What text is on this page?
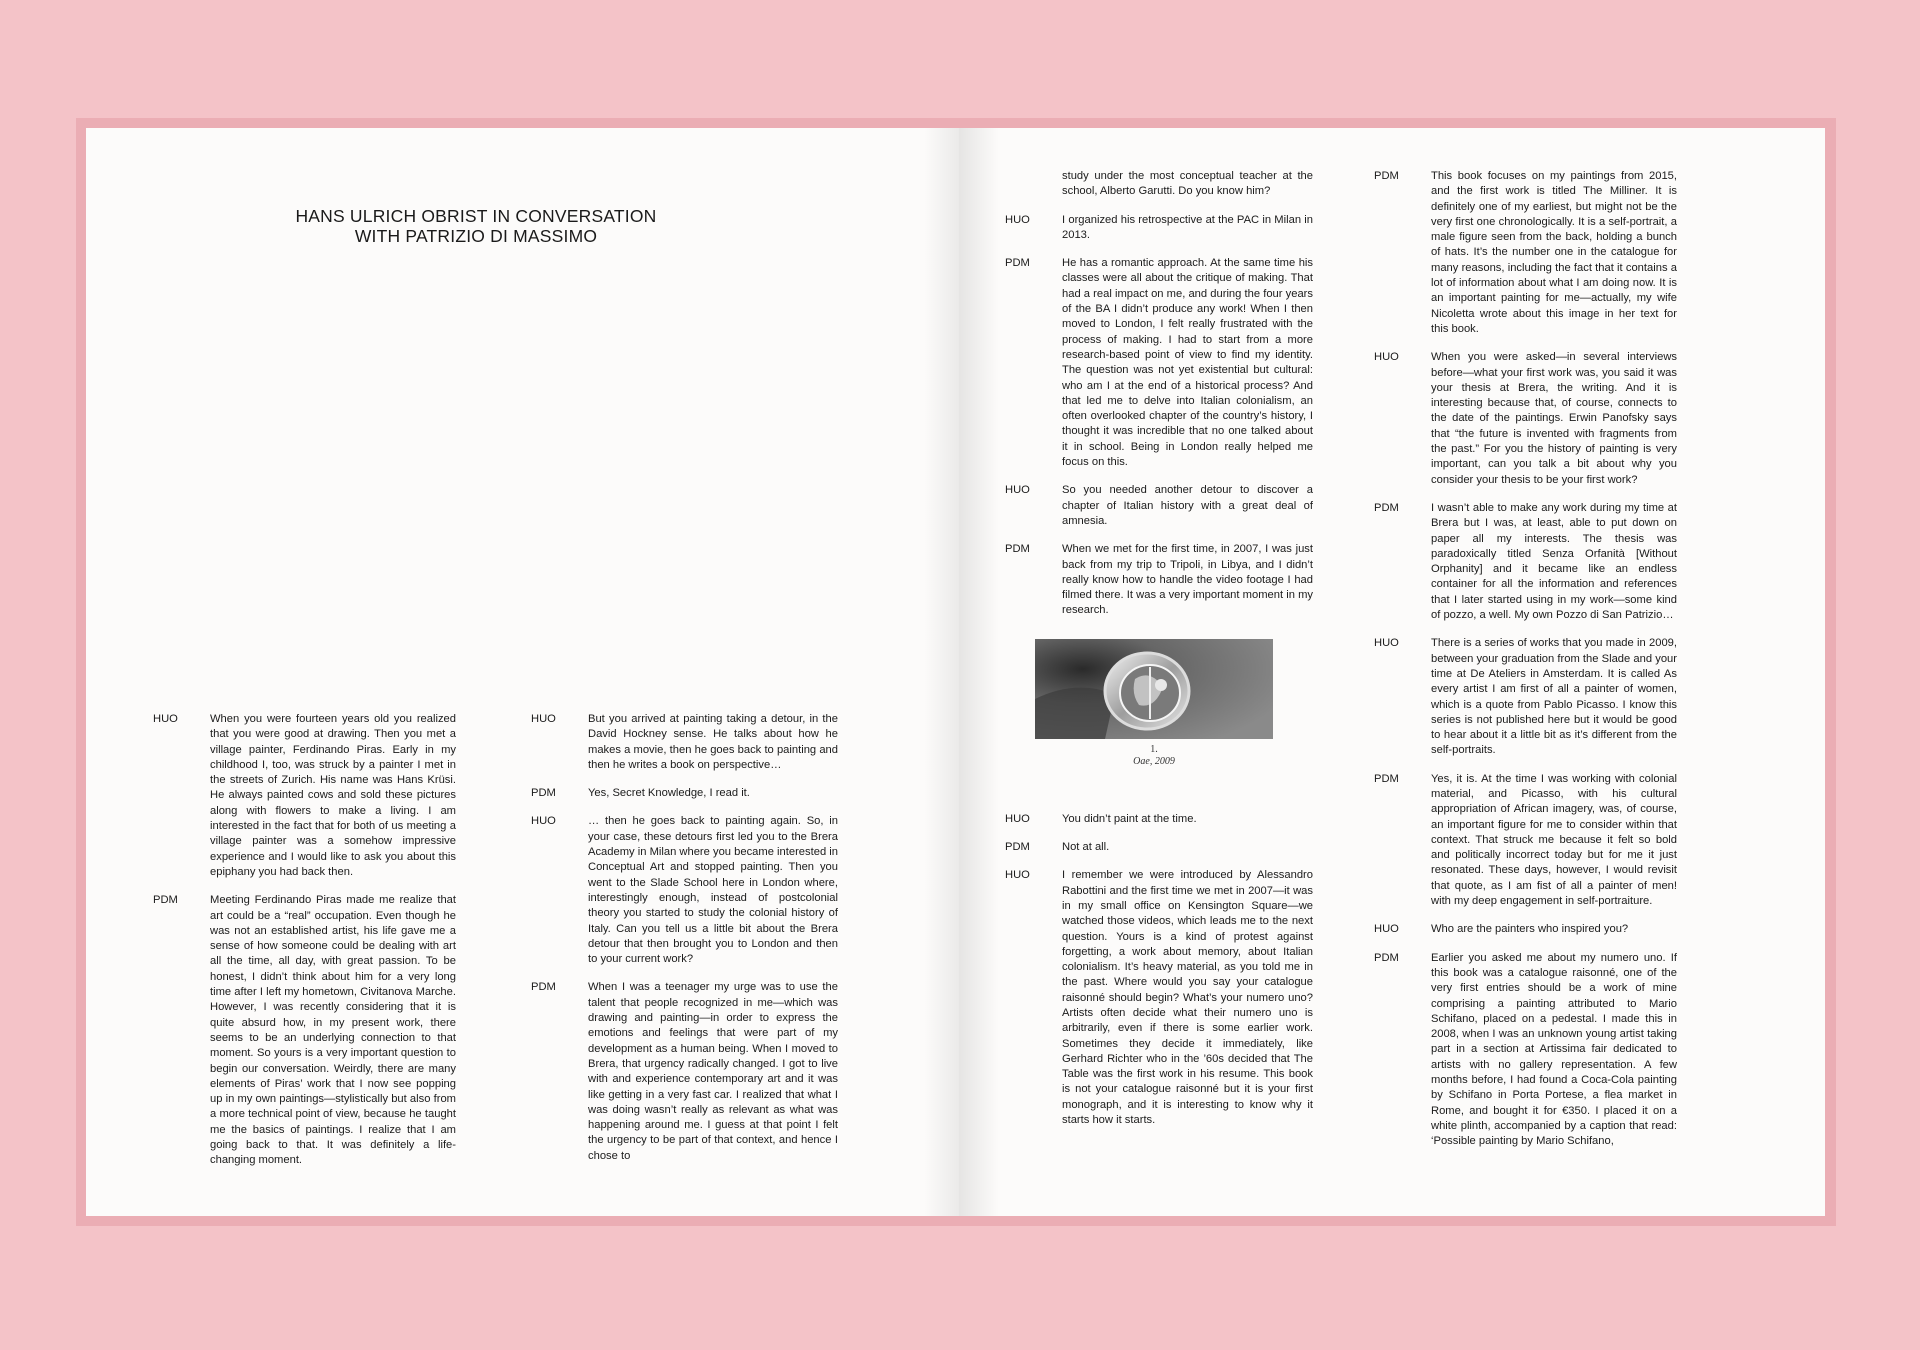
HANS ULRICH OBRIST IN CONVERSATION
WITH PATRIZIO DI MASSIMO
HUO	When you were fourteen years old you realized that you were good at drawing. Then you met a village painter, Ferdinando Piras. Early in my childhood I, too, was struck by a painter I met in the streets of Zurich. His name was Hans Krüsi. He always painted cows and sold these pictures along with flowers to make a living. I am interested in the fact that for both of us meeting a village painter was a somehow impressive experience and I would like to ask you about this epiphany you had back then.
PDM	Meeting Ferdinando Piras made me realize that art could be a “real” occupation. Even though he was not an established artist, his life gave me a sense of how someone could be dealing with art all the time, all day, with great passion. To be honest, I didn’t think about him for a very long time after I left my hometown, Civitanova Marche. However, I was recently considering that it is quite absurd how, in my present work, there seems to be an underlying connection to that moment. So yours is a very important question to begin our conversation. Weirdly, there are many elements of Piras’ work that I now see popping up in my own paintings—stylistically but also from a more technical point of view, because he taught me the basics of paintings. I realize that I am going back to that. It was definitely a life-changing moment.
HUO	But you arrived at painting taking a detour, in the David Hockney sense. He talks about how he makes a movie, then he goes back to painting and then he writes a book on perspective…
PDM	Yes, Secret Knowledge, I read it.
HUO	… then he goes back to painting again. So, in your case, these detours first led you to the Brera Academy in Milan where you became interested in Conceptual Art and stopped painting. Then you went to the Slade School here in London where, interestingly enough, instead of postcolonial theory you started to study the colonial history of Italy. Can you tell us a little bit about the Brera detour that then brought you to London and then to your current work?
PDM	When I was a teenager my urge was to use the talent that people recognized in me—which was drawing and painting—in order to express the emotions and feelings that were part of my development as a human being. When I moved to Brera, that urgency radically changed. I got to live with and experience contemporary art and it was like getting in a very fast car. I realized that what I was doing wasn’t really as relevant as what was happening around me. I guess at that point I felt the urgency to be part of that context, and hence I chose to
study under the most conceptual teacher at the school, Alberto Garutti. Do you know him?
HUO	I organized his retrospective at the PAC in Milan in 2013.
PDM	He has a romantic approach. At the same time his classes were all about the critique of making. That had a real impact on me, and during the four years of the BA I didn’t produce any work! When I then moved to London, I felt really frustrated with the process of making. I had to start from a more research-based point of view to find my identity. The question was not yet existential but cultural: who am I at the end of a historical process? And that led me to delve into Italian colonialism, an often overlooked chapter of the country’s history, I thought it was incredible that no one talked about it in school. Being in London really helped me focus on this.
HUO	So you needed another detour to discover a chapter of Italian history with a great deal of amnesia.
PDM	When we met for the first time, in 2007, I was just back from my trip to Tripoli, in Libya, and I didn’t really know how to handle the video footage I had filmed there. It was a very important moment in my research.
1.
Oae, 2009
HUO	You didn’t paint at the time.
PDM	Not at all.
HUO	I remember we were introduced by Alessandro Rabottini and the first time we met in 2007—it was in my small office on Kensington Square—we watched those videos, which leads me to the next question. Yours is a kind of protest against forgetting, a work about memory, about Italian colonialism. It’s heavy material, as you told me in the past. Where would you say your catalogue raisonné should begin? What’s your numero uno? Artists often decide what their numero uno is arbitrarily, even if there is some earlier work. Sometimes they decide it immediately, like Gerhard Richter who in the ’60s decided that The Table was the first work in his resume. This book is not your catalogue raisonné but it is your first monograph, and it is interesting to know why it starts how it starts.
PDM	This book focuses on my paintings from 2015, and the first work is titled The Milliner. It is definitely one of my earliest, but might not be the very first one chronologically. It is a self-portrait, a male figure seen from the back, holding a bunch of hats. It’s the number one in the catalogue for many reasons, including the fact that it contains a lot of information about what I am doing now. It is an important painting for me—actually, my wife Nicoletta wrote about this image in her text for this book.
HUO	When you were asked—in several interviews before—what your first work was, you said it was your thesis at Brera, the writing. And it is interesting because that, of course, connects to the date of the paintings. Erwin Panofsky says that “the future is invented with fragments from the past.” For you the history of painting is very important, can you talk a bit about why you consider your thesis to be your first work?
PDM	I wasn’t able to make any work during my time at Brera but I was, at least, able to put down on paper all my interests. The thesis was paradoxically titled Senza Orfanità [Without Orphanity] and it became like an endless container for all the information and references that I later started using in my work—some kind of pozzo, a well. My own Pozzo di San Patrizio…
HUO	There is a series of works that you made in 2009, between your graduation from the Slade and your time at De Ateliers in Amsterdam. It is called As every artist I am first of all a painter of women, which is a quote from Pablo Picasso. I know this series is not published here but it would be good to hear about it a little bit as it’s different from the self-portraits.
PDM	Yes, it is. At the time I was working with colonial material, and Picasso, with his cultural appropriation of African imagery, was, of course, an important figure for me to consider within that context. That struck me because it felt so bold and politically incorrect today but for me it just resonated. These days, however, I would revisit that quote, as I am fist of all a painter of men! with my deep engagement in self-portraiture.
HUO	Who are the painters who inspired you?
PDM	Earlier you asked me about my numero uno. If this book was a catalogue raisonné, one of the very first entries should be a work of mine comprising a painting attributed to Mario Schifano, placed on a pedestal. I made this in 2008, when I was an unknown young artist taking part in a section at Artissima fair dedicated to artists with no gallery representation. A few months before, I had found a Coca-Cola painting by Schifano in Porta Portese, a flea market in Rome, and bought it for €350. I placed it on a white plinth, accompanied by a caption that read: ‘Possible painting by Mario Schifano,
